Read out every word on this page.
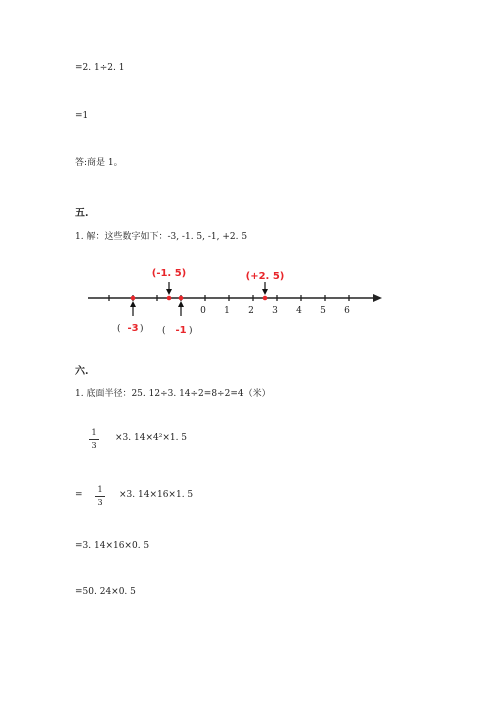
=2. 1÷2. 1
=1
答:商是 1。
五.
1. 解：这些数字如下：-3, -1. 5, -1, +2. 5
0 1 2 3 4 5 6
(-1. 5)	(+2. 5)
( -3 ) ( -1 )
六.
1. 底面半径：25. 12÷3. 14÷2=8÷2=4（米）
1
3
×3. 14×4²×1. 5
=
1
3
×3. 14×16×1. 5
=3. 14×16×0. 5
=50. 24×0. 5
